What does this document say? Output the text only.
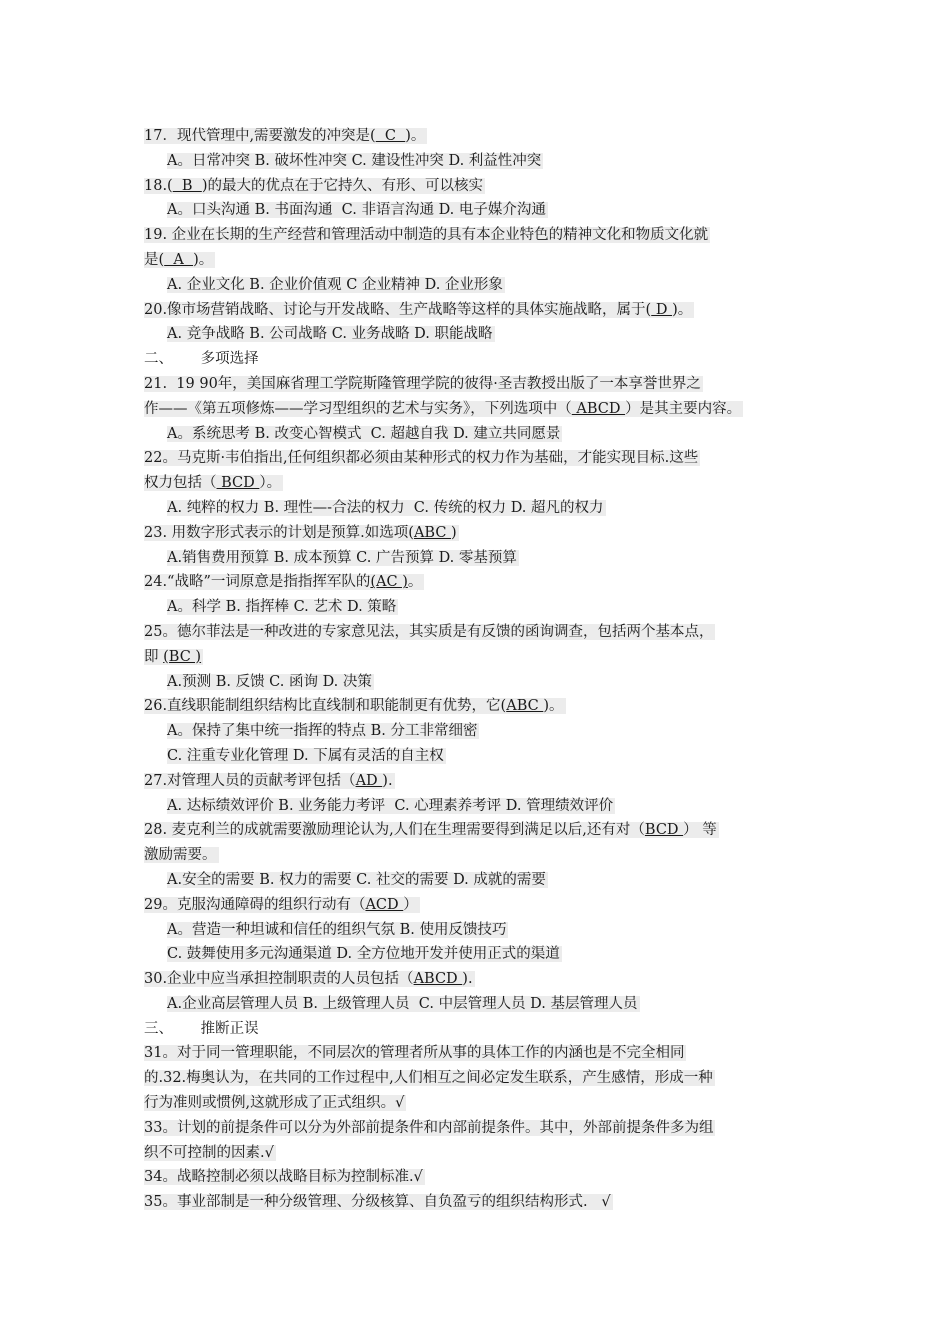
17．现代管理中,需要激发的冲突是(  C  )。
A。日常冲突 B. 破坏性冲突 C. 建设性冲突 D. 利益性冲突
18.(  B  )的最大的优点在于它持久、有形、可以核实
A。口头沟通 B. 书面沟通  C. 非语言沟通 D. 电子媒介沟通
19. 企业在长期的生产经营和管理活动中制造的具有本企业特色的精神文化和物质文化就
是(  A  )。
A. 企业文化 B. 企业价值观 C 企业精神 D. 企业形象
20.像市场营销战略、讨论与开发战略、生产战略等这样的具体实施战略，属于( D )。
A. 竞争战略 B. 公司战略 C. 业务战略 D. 职能战略
二、      多项选择
21.  19 90年，美国麻省理工学院斯隆管理学院的彼得·圣吉教授出版了一本享誉世界之
作——《第五项修炼——学习型组织的艺术与实务》，下列选项中（ ABCD ）是其主要内容。
A。系统思考 B. 改变心智模式  C. 超越自我 D. 建立共同愿景
22。马克斯·韦伯指出,任何组织都必须由某种形式的权力作为基础，才能实现目标.这些
权力包括（ BCD ）。
A. 纯粹的权力 B. 理性—-合法的权力  C. 传统的权力 D. 超凡的权力
23. 用数字形式表示的计划是预算.如选项(ABC )
A.销售费用预算 B. 成本预算 C. 广告预算 D. 零基预算
24.“战略”一词原意是指指挥军队的(AC )。
A。科学 B. 指挥棒 C. 艺术 D. 策略
25。德尔菲法是一种改进的专家意见法，其实质是有反馈的函询调查，包括两个基本点，
即 (BC )
A.预测 B. 反馈 C. 函询 D. 决策
26.直线职能制组织结构比直线制和职能制更有优势，它(ABC )。
A。保持了集中统一指挥的特点 B. 分工非常细密
C. 注重专业化管理 D. 下属有灵活的自主权
27.对管理人员的贡献考评包括（AD ).
A. 达标绩效评价 B. 业务能力考评  C. 心理素养考评 D. 管理绩效评价
28. 麦克利兰的成就需要激励理论认为,人们在生理需要得到满足以后,还有对（BCD ） 等
激励需要。
A.安全的需要 B. 权力的需要 C. 社交的需要 D. 成就的需要
29。克服沟通障碍的组织行动有（ACD ）
A。营造一种坦诚和信任的组织气氛 B. 使用反馈技巧
C. 鼓舞使用多元沟通渠道 D. 全方位地开发并使用正式的渠道
30.企业中应当承担控制职责的人员包括（ABCD ).
A.企业高层管理人员 B. 上级管理人员  C. 中层管理人员 D. 基层管理人员
三、      推断正误
31。对于同一管理职能，不同层次的管理者所从事的具体工作的内涵也是不完全相同
的.32.梅奥认为，在共同的工作过程中,人们相互之间必定发生联系，产生感情，形成一种
行为准则或惯例,这就形成了正式组织。√
33。计划的前提条件可以分为外部前提条件和内部前提条件。其中，外部前提条件多为组
织不可控制的因素.√
34。战略控制必须以战略目标为控制标准.√
35。事业部制是一种分级管理、分级核算、自负盈亏的组织结构形式.   √
